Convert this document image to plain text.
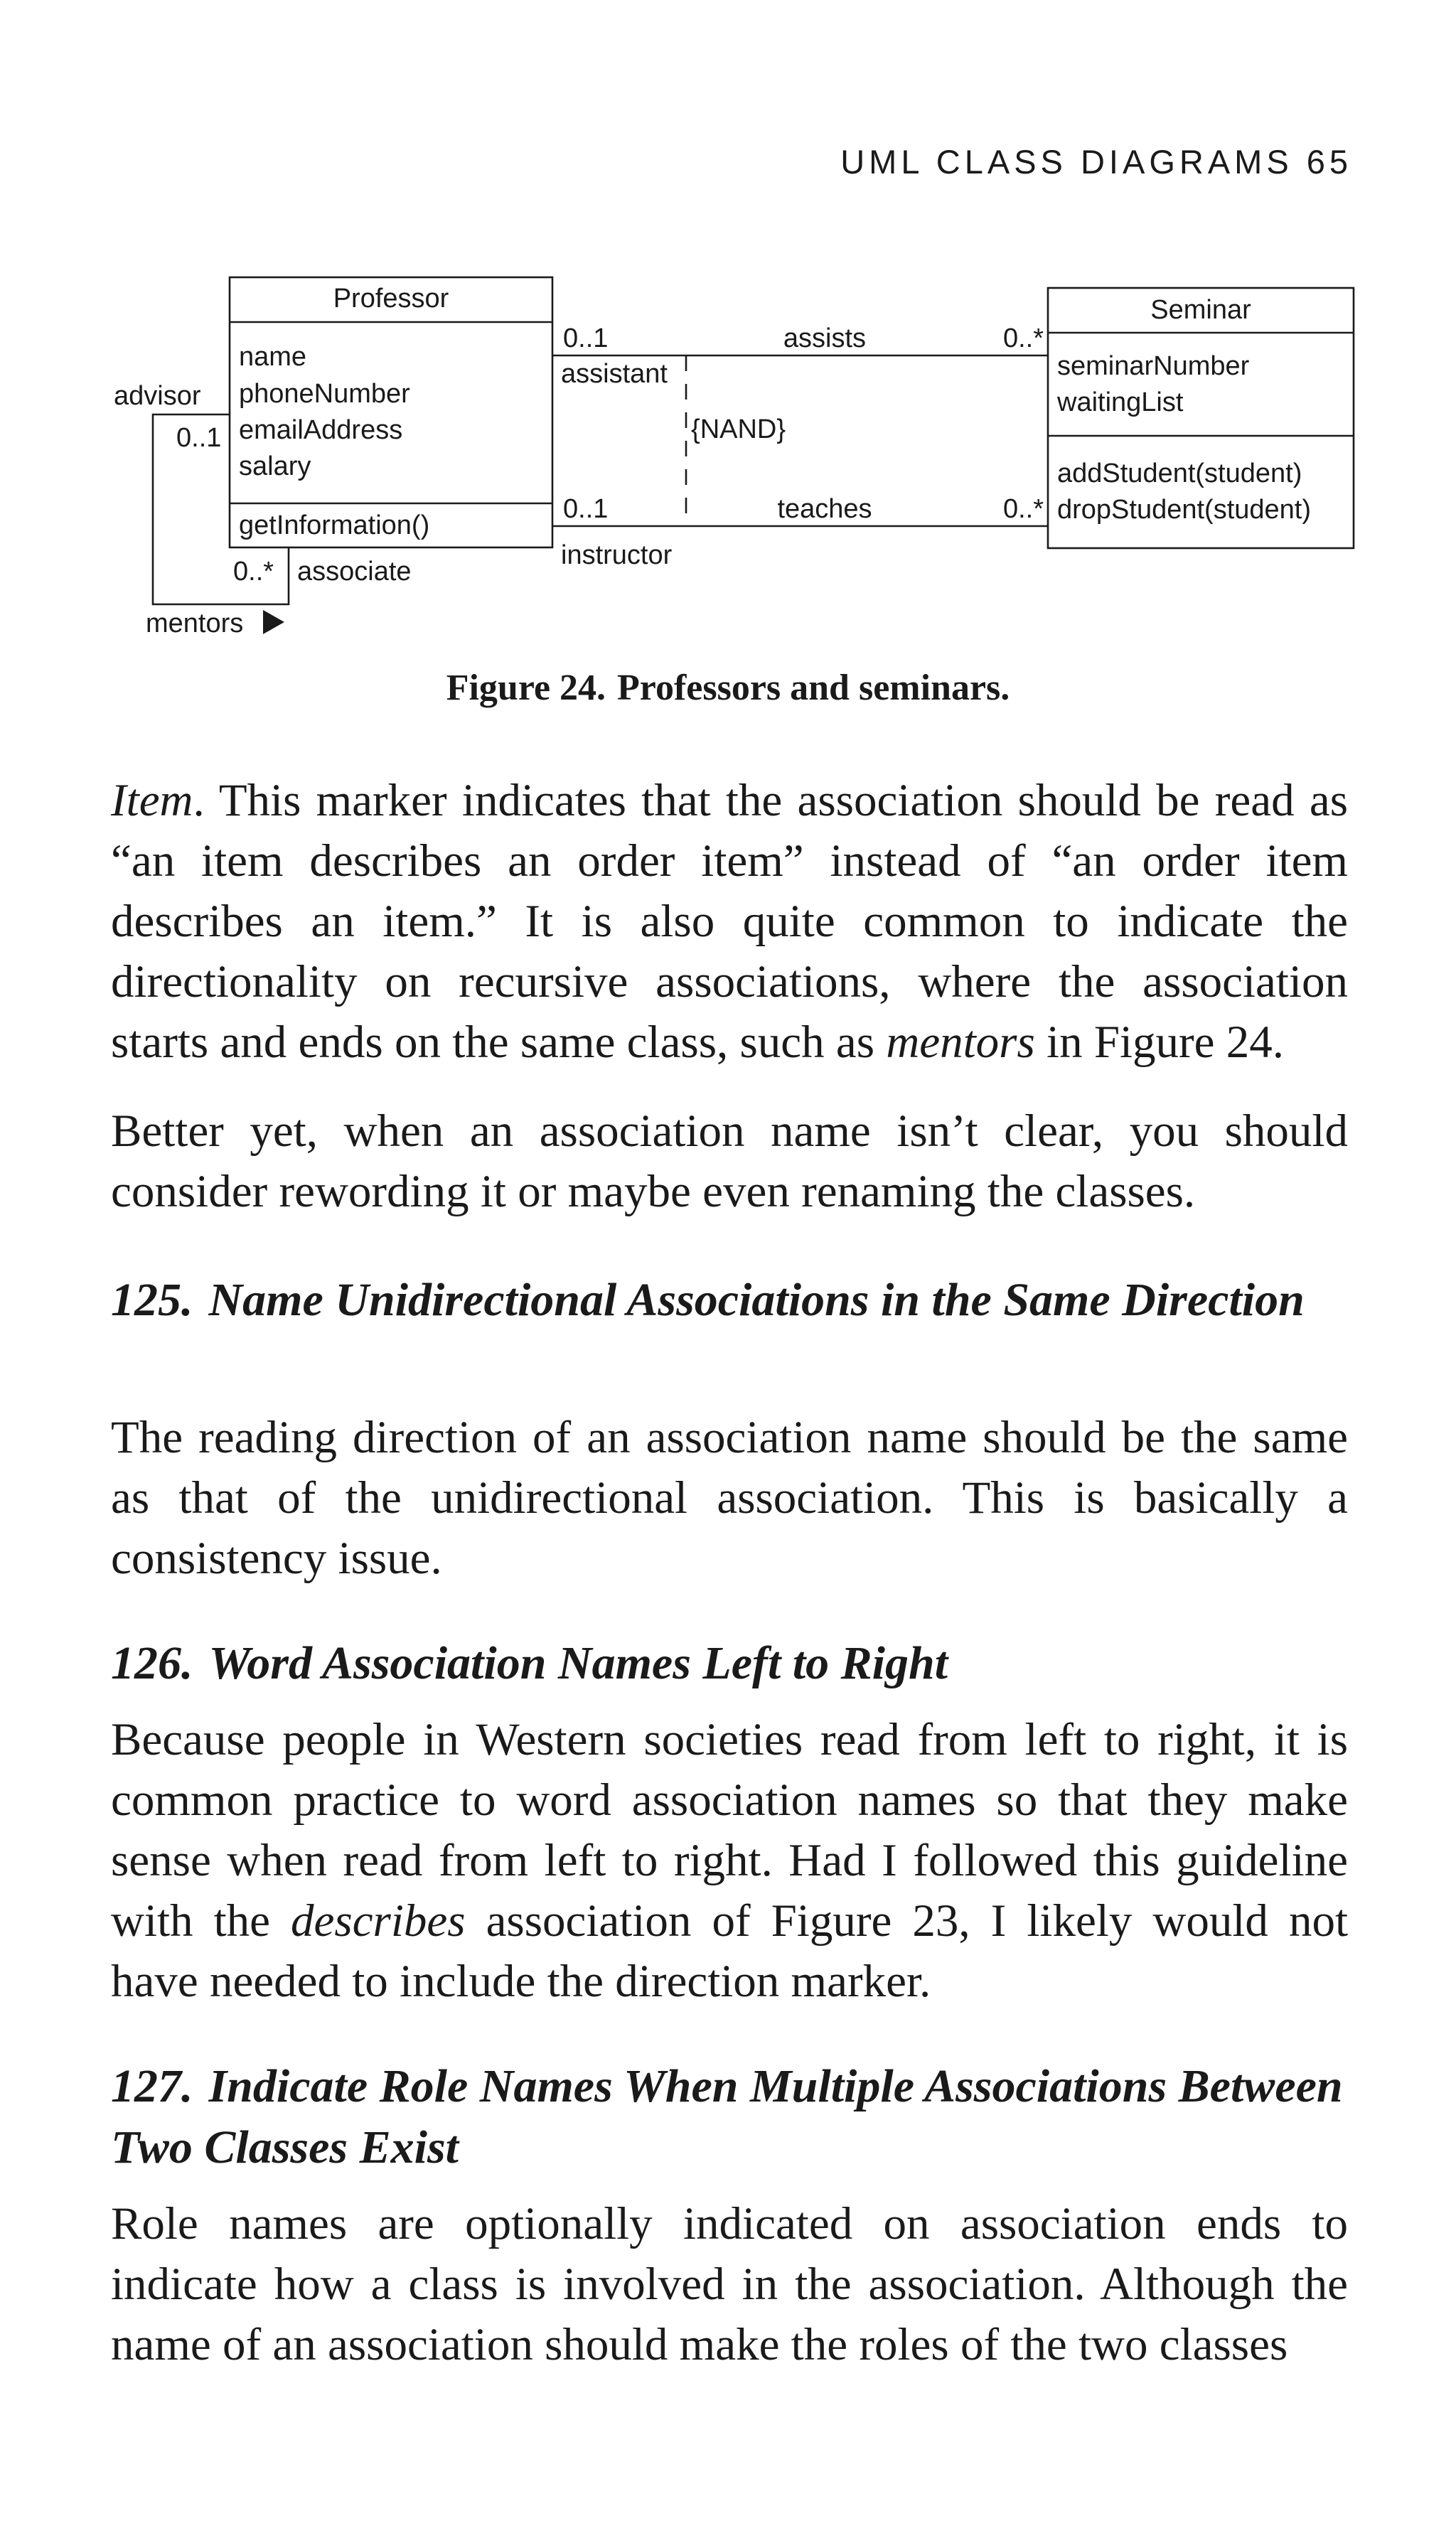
UML CLASS DIAGRAMS 65
Professor
name
phoneNumber
emailAddress
salary
getInformation()
Seminar
seminarNumber
waitingList
addStudent(student)
dropStudent(student)
0..1	assists	0..*
assistant
{NAND}
0..1	teaches	0..*
instructor
advisor
0..1
0..* associate
mentors
Figure 24. Professors and seminars.

Item. This marker indicates that the association should be read as “an item describes an order item” instead of “an order item describes an item.” It is also quite common to indicate the directionality on recursive associations, where the association starts and ends on the same class, such as mentors in Figure 24.

Better yet, when an association name isn’t clear, you should consider rewording it or maybe even renaming the classes.

125. Name Unidirectional Associations in the Same Direction

The reading direction of an association name should be the same as that of the unidirectional association. This is basically a consistency issue.

126. Word Association Names Left to Right

Because people in Western societies read from left to right, it is common practice to word association names so that they make sense when read from left to right. Had I followed this guideline with the describes association of Figure 23, I likely would not have needed to include the direction marker.

127. Indicate Role Names When Multiple Associations Between Two Classes Exist

Role names are optionally indicated on association ends to indicate how a class is involved in the association. Although the name of an association should make the roles of the two classes
